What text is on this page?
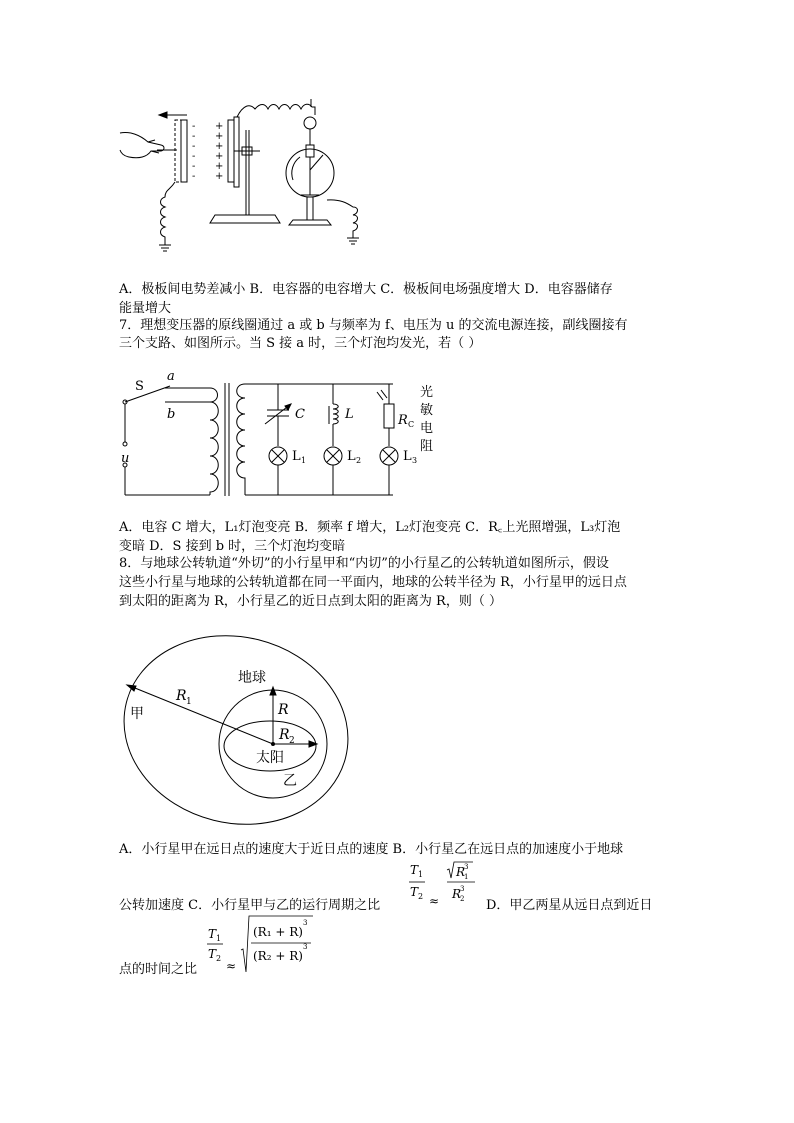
-
-
-
-
-
-
+
+
+
+
+
+
A．极板间电势差减小 B．电容器的电容增大 C．极板间电场强度增大 D．电容器储存
能量增大
7．理想变压器的原线圈通过 a 或 b 与频率为 f、电压为 u 的交流电源连接，副线圈接有
三个支路、如图所示。当 S 接 a 时，三个灯泡均发光，若（ ）
S
a
b
u
C	L	R C
L 1	L 2	L 3
光
敏
电
阻
A．电容 C 增大，L₁灯泡变亮 B．频率 f 增大，L₂灯泡变亮 C．R꜀上光照增强，L₃灯泡
变暗 D．S 接到 b 时，三个灯泡均变暗
8．与地球公转轨道“外切”的小行星甲和“内切”的小行星乙的公转轨道如图所示，假设
这些小行星与地球的公转轨道都在同一平面内，地球的公转半径为 R，小行星甲的远日点
到太阳的距离为 R，小行星乙的近日点到太阳的距离为 R，则（ ）
地球
太阳
甲
乙
R 1	R
R 2
A．小行星甲在远日点的速度大于近日点的速度 B．小行星乙在远日点的加速度小于地球
公转加速度 C．小行星甲与乙的运行周期之比	D．甲乙两星从远日点到近日
点的时间之比
T 1
T 2 ≈
R
1
3
R
2
3
T 1
T 2
≈
(R₁ + R)
3
(R₂ + R)
3
